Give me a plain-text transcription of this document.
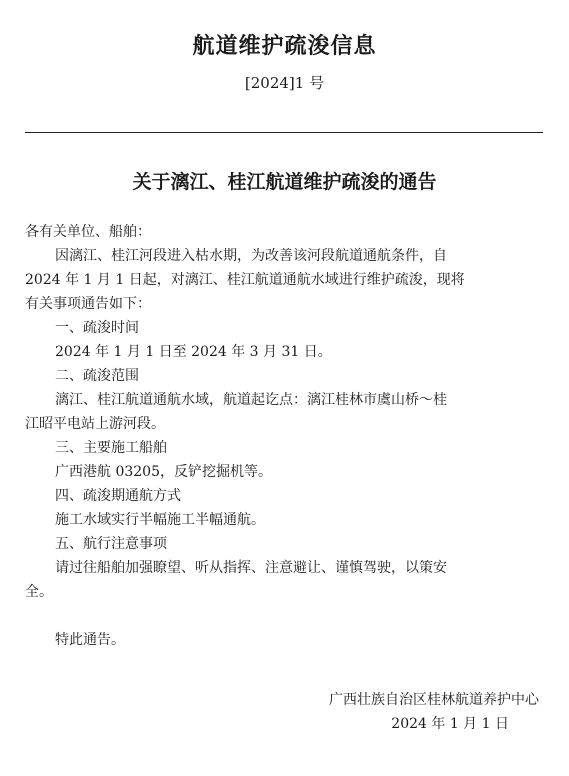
航道维护疏浚信息
[2024]1 号
关于漓江、桂江航道维护疏浚的通告

各有关单位、船舶：

因漓江、桂江河段进入枯水期，为改善该河段航道通航条件，自

2024 年 1 月 1 日起，对漓江、桂江航道通航水域进行维护疏浚，现将

有关事项通告如下：

一、疏浚时间

2024 年 1 月 1 日至 2024 年 3 月 31 日。

二、疏浚范围

漓江、桂江航道通航水域，航道起讫点：漓江桂林市虞山桥～桂

江昭平电站上游河段。

三、主要施工船舶

广西港航 03205，反铲挖掘机等。

四、疏浚期通航方式

施工水域实行半幅施工半幅通航。

五、航行注意事项

请过往船舶加强瞭望、听从指挥、注意避让、谨慎驾驶，以策安

全。

特此通告。

广西壮族自治区桂林航道养护中心
2024 年 1 月 1 日
